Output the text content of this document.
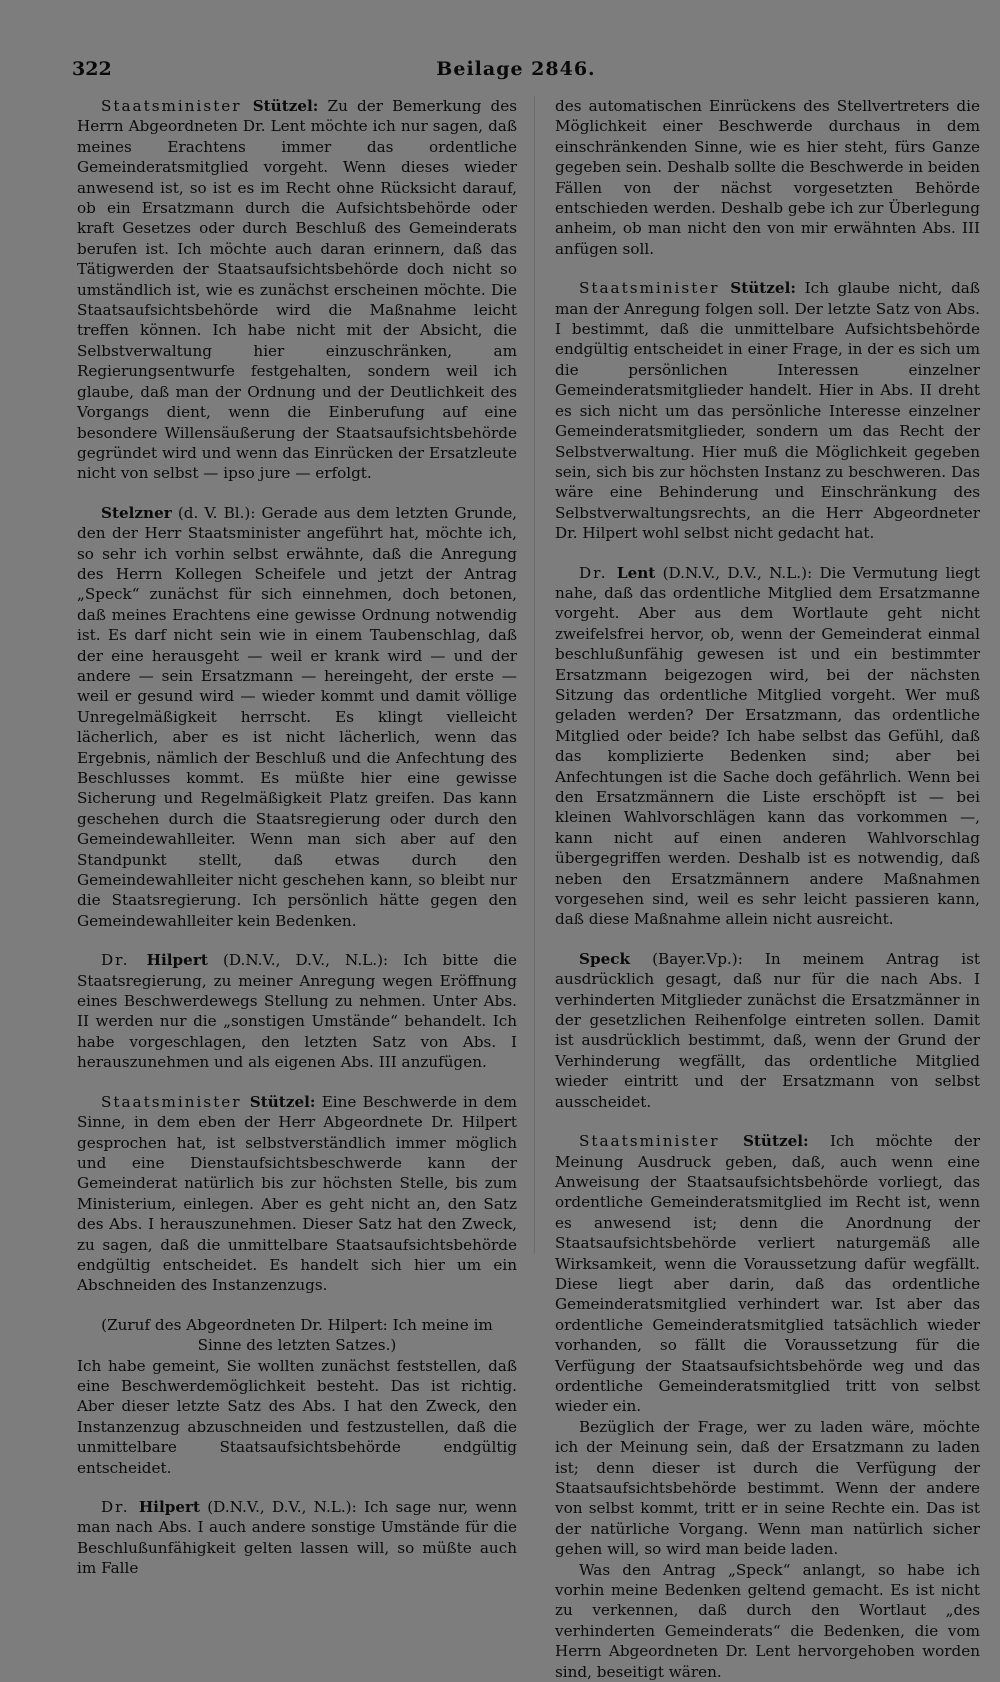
322	Beilage 2846.

Staatsminister Stützel: Zu der Bemerkung des Herrn Abgeordneten Dr. Lent möchte ich nur sagen, daß meines Erachtens immer das ordentliche Gemeinderatsmitglied vorgeht. Wenn dieses wieder anwesend ist, so ist es im Recht ohne Rücksicht darauf, ob ein Ersatzmann durch die Aufsichtsbehörde oder kraft Gesetzes oder durch Beschluß des Gemeinderats berufen ist. Ich möchte auch daran erinnern, daß das Tätigwerden der Staatsaufsichtsbehörde doch nicht so umständlich ist, wie es zunächst erscheinen möchte. Die Staatsaufsichtsbehörde wird die Maßnahme leicht treffen können. Ich habe nicht mit der Absicht, die Selbstverwaltung hier einzuschränken, am Regierungsentwurfe festgehalten, sondern weil ich glaube, daß man der Ordnung und der Deutlichkeit des Vorgangs dient, wenn die Einberufung auf eine besondere Willensäußerung der Staatsaufsichtsbehörde gegründet wird und wenn das Einrücken der Ersatzleute nicht von selbst — ipso jure — erfolgt.

Stelzner (d. V. Bl.): Gerade aus dem letzten Grunde, den der Herr Staatsminister angeführt hat, möchte ich, so sehr ich vorhin selbst erwähnte, daß die Anregung des Herrn Kollegen Scheifele und jetzt der Antrag „Speck“ zunächst für sich einnehmen, doch betonen, daß meines Erachtens eine gewisse Ordnung notwendig ist. Es darf nicht sein wie in einem Taubenschlag, daß der eine herausgeht — weil er krank wird — und der andere — sein Ersatzmann — hereingeht, der erste — weil er gesund wird — wieder kommt und damit völlige Unregelmäßigkeit herrscht. Es klingt vielleicht lächerlich, aber es ist nicht lächerlich, wenn das Ergebnis, nämlich der Beschluß und die Anfechtung des Beschlusses kommt. Es müßte hier eine gewisse Sicherung und Regelmäßigkeit Platz greifen. Das kann geschehen durch die Staatsregierung oder durch den Gemeindewahlleiter. Wenn man sich aber auf den Standpunkt stellt, daß etwas durch den Gemeindewahlleiter nicht geschehen kann, so bleibt nur die Staatsregierung. Ich persönlich hätte gegen den Gemeindewahlleiter kein Bedenken.

Dr. Hilpert (D.N.V., D.V., N.L.): Ich bitte die Staatsregierung, zu meiner Anregung wegen Eröffnung eines Beschwerdewegs Stellung zu nehmen. Unter Abs. II werden nur die „sonstigen Umstände“ behandelt. Ich habe vorgeschlagen, den letzten Satz von Abs. I herauszunehmen und als eigenen Abs. III anzufügen.

Staatsminister Stützel: Eine Beschwerde in dem Sinne, in dem eben der Herr Abgeordnete Dr. Hilpert gesprochen hat, ist selbstverständlich immer möglich und eine Dienstaufsichtsbeschwerde kann der Gemeinderat natürlich bis zur höchsten Stelle, bis zum Ministerium, einlegen. Aber es geht nicht an, den Satz des Abs. I herauszunehmen. Dieser Satz hat den Zweck, zu sagen, daß die unmittelbare Staatsaufsichtsbehörde endgültig entscheidet. Es handelt sich hier um ein Abschneiden des Instanzenzugs.

(Zuruf des Abgeordneten Dr. Hilpert: Ich meine im Sinne des letzten Satzes.)

Ich habe gemeint, Sie wollten zunächst feststellen, daß eine Beschwerdemöglichkeit besteht. Das ist richtig. Aber dieser letzte Satz des Abs. I hat den Zweck, den Instanzenzug abzuschneiden und festzustellen, daß die unmittelbare Staatsaufsichtsbehörde endgültig entscheidet.

Dr. Hilpert (D.N.V., D.V., N.L.): Ich sage nur, wenn man nach Abs. I auch andere sonstige Umstände für die Beschlußunfähigkeit gelten lassen will, so müßte auch im Falle

des automatischen Einrückens des Stellvertreters die Möglichkeit einer Beschwerde durchaus in dem einschränkenden Sinne, wie es hier steht, fürs Ganze gegeben sein. Deshalb sollte die Beschwerde in beiden Fällen von der nächst vorgesetzten Behörde entschieden werden. Deshalb gebe ich zur Überlegung anheim, ob man nicht den von mir erwähnten Abs. III anfügen soll.

Staatsminister Stützel: Ich glaube nicht, daß man der Anregung folgen soll. Der letzte Satz von Abs. I bestimmt, daß die unmittelbare Aufsichtsbehörde endgültig entscheidet in einer Frage, in der es sich um die persönlichen Interessen einzelner Gemeinderatsmitglieder handelt. Hier in Abs. II dreht es sich nicht um das persönliche Interesse einzelner Gemeinderatsmitglieder, sondern um das Recht der Selbstverwaltung. Hier muß die Möglichkeit gegeben sein, sich bis zur höchsten Instanz zu beschweren. Das wäre eine Behinderung und Einschränkung des Selbstverwaltungsrechts, an die Herr Abgeordneter Dr. Hilpert wohl selbst nicht gedacht hat.

Dr. Lent (D.N.V., D.V., N.L.): Die Vermutung liegt nahe, daß das ordentliche Mitglied dem Ersatzmanne vorgeht. Aber aus dem Wortlaute geht nicht zweifelsfrei hervor, ob, wenn der Gemeinderat einmal beschlußunfähig gewesen ist und ein bestimmter Ersatzmann beigezogen wird, bei der nächsten Sitzung das ordentliche Mitglied vorgeht. Wer muß geladen werden? Der Ersatzmann, das ordentliche Mitglied oder beide? Ich habe selbst das Gefühl, daß das komplizierte Bedenken sind; aber bei Anfechtungen ist die Sache doch gefährlich. Wenn bei den Ersatzmännern die Liste erschöpft ist — bei kleinen Wahlvorschlägen kann das vorkommen —, kann nicht auf einen anderen Wahlvorschlag übergegriffen werden. Deshalb ist es notwendig, daß neben den Ersatzmännern andere Maßnahmen vorgesehen sind, weil es sehr leicht passieren kann, daß diese Maßnahme allein nicht ausreicht.

Speck (Bayer.Vp.): In meinem Antrag ist ausdrücklich gesagt, daß nur für die nach Abs. I verhinderten Mitglieder zunächst die Ersatzmänner in der gesetzlichen Reihenfolge eintreten sollen. Damit ist ausdrücklich bestimmt, daß, wenn der Grund der Verhinderung wegfällt, das ordentliche Mitglied wieder eintritt und der Ersatzmann von selbst ausscheidet.

Staatsminister Stützel: Ich möchte der Meinung Ausdruck geben, daß, auch wenn eine Anweisung der Staatsaufsichtsbehörde vorliegt, das ordentliche Gemeinderatsmitglied im Recht ist, wenn es anwesend ist; denn die Anordnung der Staatsaufsichtsbehörde verliert naturgemäß alle Wirksamkeit, wenn die Voraussetzung dafür wegfällt. Diese liegt aber darin, daß das ordentliche Gemeinderatsmitglied verhindert war. Ist aber das ordentliche Gemeinderatsmitglied tatsächlich wieder vorhanden, so fällt die Voraussetzung für die Verfügung der Staatsaufsichtsbehörde weg und das ordentliche Gemeinderatsmitglied tritt von selbst wieder ein.

Bezüglich der Frage, wer zu laden wäre, möchte ich der Meinung sein, daß der Ersatzmann zu laden ist; denn dieser ist durch die Verfügung der Staatsaufsichtsbehörde bestimmt. Wenn der andere von selbst kommt, tritt er in seine Rechte ein. Das ist der natürliche Vorgang. Wenn man natürlich sicher gehen will, so wird man beide laden.

Was den Antrag „Speck“ anlangt, so habe ich vorhin meine Bedenken geltend gemacht. Es ist nicht zu verkennen, daß durch den Wortlaut „des verhinderten Gemeinderats“ die Bedenken, die vom Herrn Abgeordneten Dr. Lent hervorgehoben worden sind, beseitigt wären.
